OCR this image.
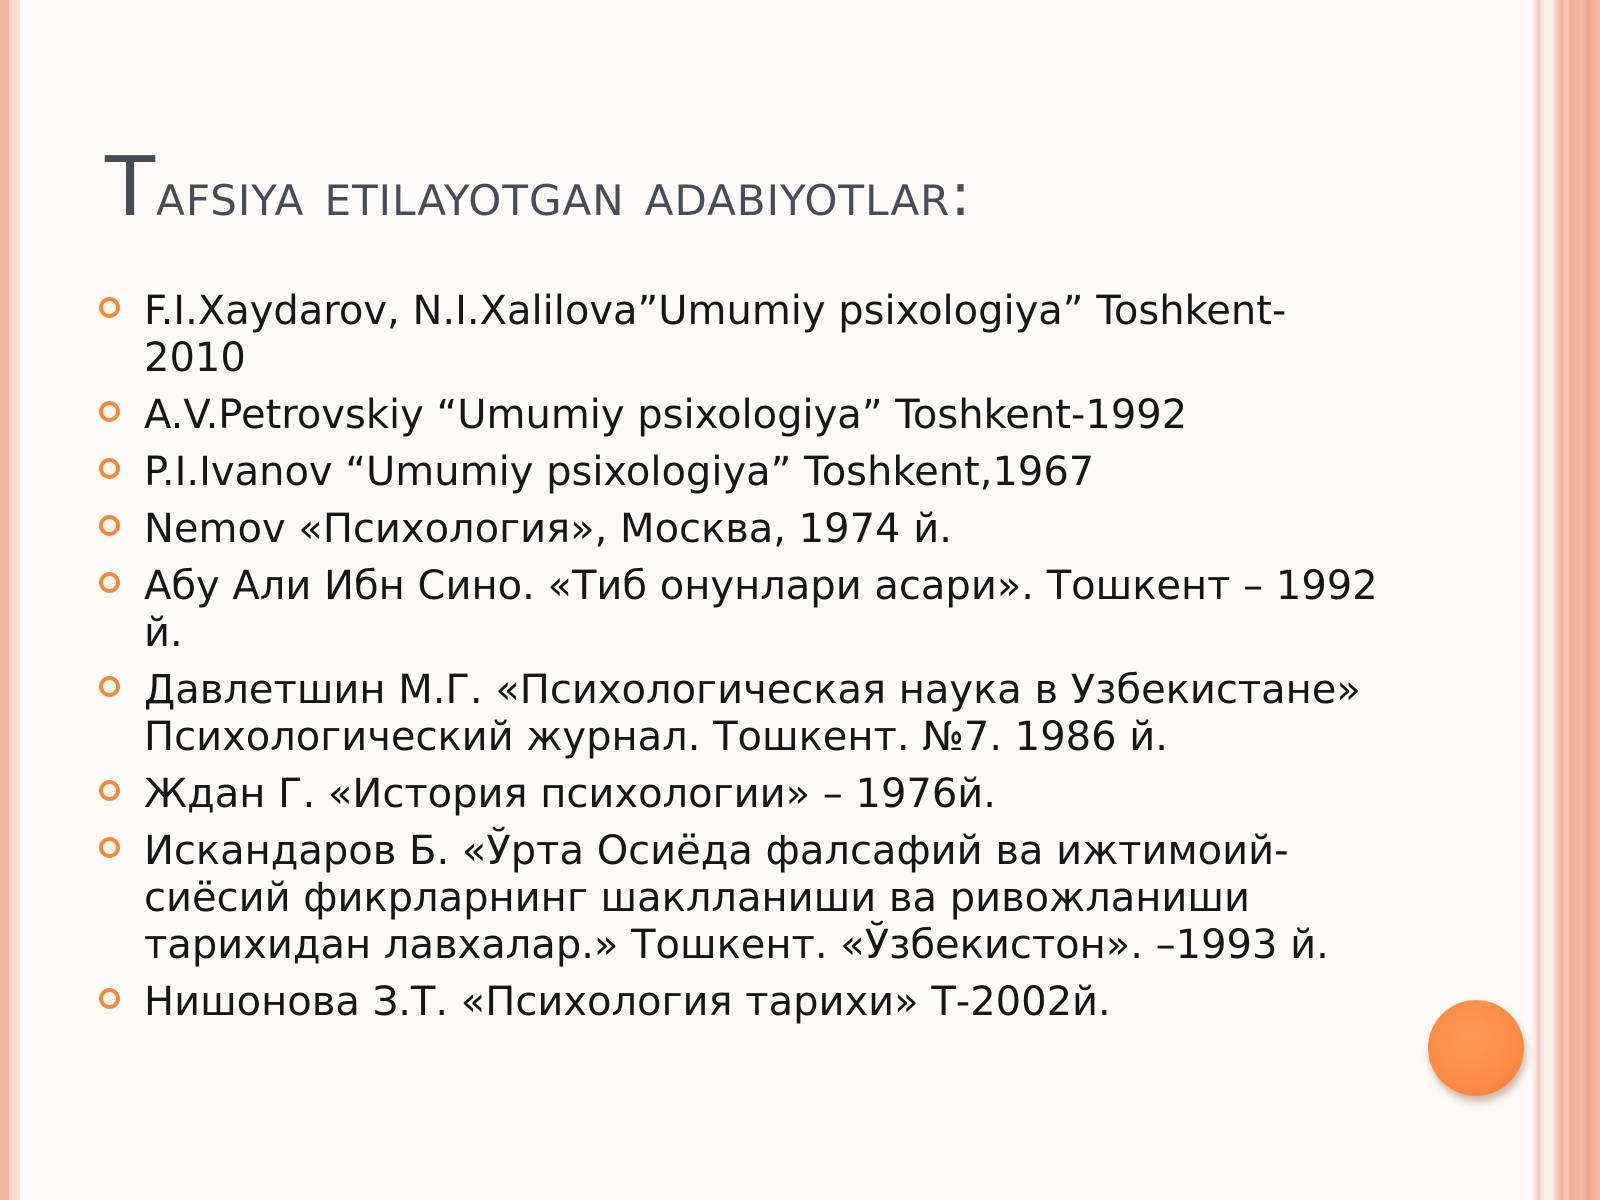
Tafsiya etilayotgan adabiyotlar:
F.I.Xaydarov, N.I.Xalilova”Umumiy psixologiya” Toshkent-2010
A.V.Petrovskiy “Umumiy psixologiya” Toshkent-1992
P.I.Ivanov “Umumiy psixologiya” Toshkent,1967
Nemov «Психология», Москва, 1974 й.
Абу Али Ибн Сино. «Тиб онунлари асари». Тошкент – 1992 й.
Давлетшин М.Г. «Психологическая наука в Узбекистане» Психологический журнал. Тошкент. №7. 1986 й.
Ждан Г. «История психологии» – 1976й.
Искандаров Б. «Ўрта Осиёда фалсафий ва ижтимоий-сиёсий фикрларнинг шаклланиши ва ривожланиши тарихидан лавхалар.» Тошкент. «Ўзбекистон». –1993 й.
Нишонова З.Т. «Психология тарихи» Т-2002й.
